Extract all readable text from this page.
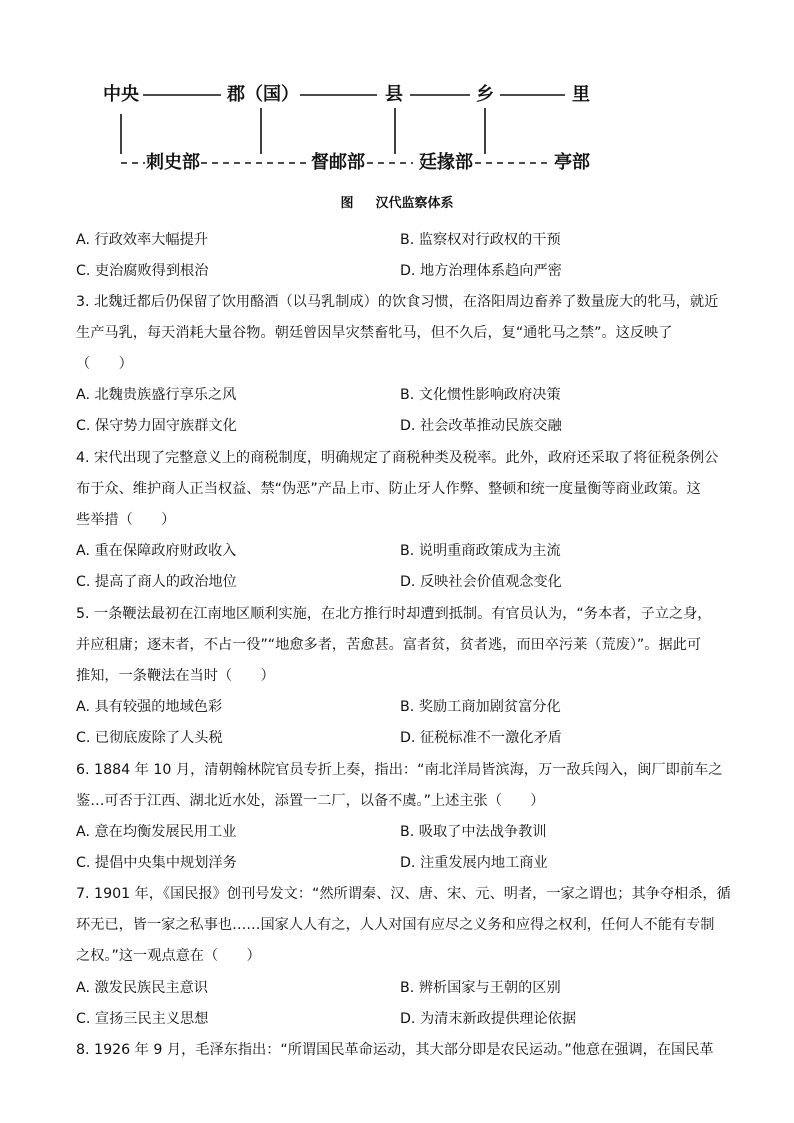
中央	郡（国）	县	乡	里
刺史部	督邮部	廷掾部	亭部
图 汉代监察体系
A. 行政效率大幅提升	B. 监察权对行政权的干预
C. 吏治腐败得到根治	D. 地方治理体系趋向严密
3. 北魏迁都后仍保留了饮用酪酒（以马乳制成）的饮食习惯，在洛阳周边畜养了数量庞大的牝马，就近
生产马乳，每天消耗大量谷物。朝廷曾因旱灾禁畜牝马，但不久后，复“通牝马之禁”。这反映了
（　　）
A. 北魏贵族盛行享乐之风	B. 文化惯性影响政府决策
C. 保守势力固守族群文化	D. 社会改革推动民族交融
4. 宋代出现了完整意义上的商税制度，明确规定了商税种类及税率。此外，政府还采取了将征税条例公
布于众、维护商人正当权益、禁“伪恶”产品上市、防止牙人作弊、整顿和统一度量衡等商业政策。这
些举措（　　）
A. 重在保障政府财政收入	B. 说明重商政策成为主流
C. 提高了商人的政治地位	D. 反映社会价值观念变化
5. 一条鞭法最初在江南地区顺利实施，在北方推行时却遭到抵制。有官员认为，“务本者，子立之身，
并应租庸；逐末者，不占一役”“地愈多者，苦愈甚。富者贫，贫者逃，而田卒污莱（荒废）”。据此可
推知，一条鞭法在当时（　　）
A. 具有较强的地域色彩	B. 奖励工商加剧贫富分化
C. 已彻底废除了人头税	D. 征税标准不一激化矛盾
6. 1884 年 10 月，清朝翰林院官员专折上奏，指出：“南北洋局皆滨海，万一敌兵闯入，闽厂即前车之
鉴…可否于江西、湖北近水处，添置一二厂，以备不虞。”上述主张（　　）
A. 意在均衡发展民用工业	B. 吸取了中法战争教训
C. 提倡中央集中规划洋务	D. 注重发展内地工商业
7. 1901 年，《国民报》创刊号发文：“然所谓秦、汉、唐、宋、元、明者，一家之谓也；其争夺相杀，循
环无已，皆一家之私事也……国家人人有之，人人对国有应尽之义务和应得之权利，任何人不能有专制
之权。”这一观点意在（　　）
A. 激发民族民主意识	B. 辨析国家与王朝的区别
C. 宣扬三民主义思想	D. 为清末新政提供理论依据
8. 1926 年 9 月，毛泽东指出：“所谓国民革命运动，其大部分即是农民运动。”他意在强调，在国民革
